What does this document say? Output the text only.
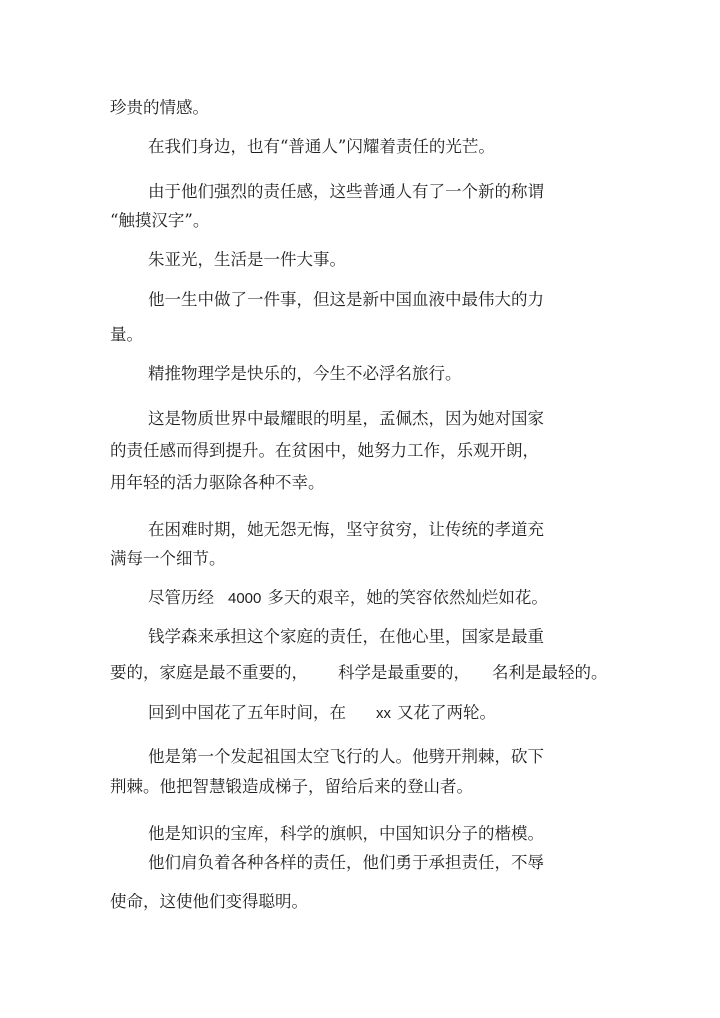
珍贵的情感。
在我们身边，也有“普通人”闪耀着责任的光芒。
由于他们强烈的责任感，这些普通人有了一个新的称谓
“触摸汉字”。
朱亚光，生活是一件大事。
他一生中做了一件事，但这是新中国血液中最伟大的力
量。
精推物理学是快乐的，今生不必浮名旅行。
这是物质世界中最耀眼的明星，孟佩杰，因为她对国家
的责任感而得到提升。在贫困中，她努力工作，乐观开朗，
用年轻的活力驱除各种不幸。
在困难时期，她无怨无悔，坚守贫穷，让传统的孝道充
满每一个细节。
尽管历经 4000 多天的艰辛，她的笑容依然灿烂如花。
钱学森来承担这个家庭的责任，在他心里，国家是最重
要的，家庭是最不重要的， 科学是最重要的， 名利是最轻的。
回到中国花了五年时间，在 xx 又花了两轮。
他是第一个发起祖国太空飞行的人。他劈开荆棘，砍下
荆棘。他把智慧锻造成梯子，留给后来的登山者。
他是知识的宝库，科学的旗帜，中国知识分子的楷模。
他们肩负着各种各样的责任，他们勇于承担责任，不辱
使命，这使他们变得聪明。
